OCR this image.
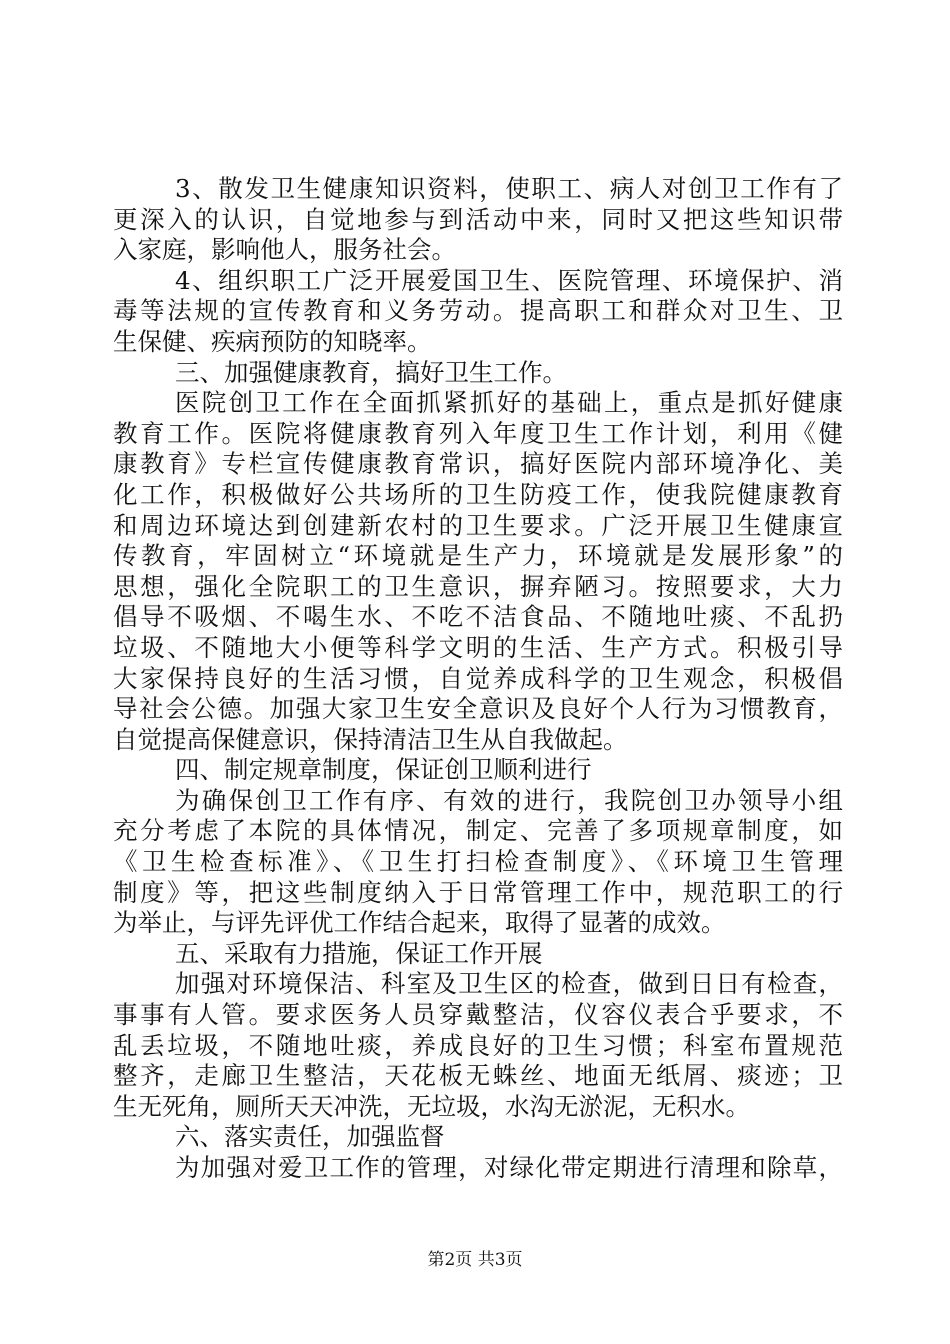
3、散发卫生健康知识资料，使职工、病人对创卫工作有了
更深入的认识，自觉地参与到活动中来，同时又把这些知识带
入家庭，影响他人，服务社会。
4、组织职工广泛开展爱国卫生、医院管理、环境保护、消
毒等法规的宣传教育和义务劳动。提高职工和群众对卫生、卫
生保健、疾病预防的知晓率。
三、加强健康教育，搞好卫生工作。
医院创卫工作在全面抓紧抓好的基础上，重点是抓好健康
教育工作。医院将健康教育列入年度卫生工作计划，利用《健
康教育》专栏宣传健康教育常识，搞好医院内部环境净化、美
化工作，积极做好公共场所的卫生防疫工作，使我院健康教育
和周边环境达到创建新农村的卫生要求。广泛开展卫生健康宣
传教育，牢固树立“环境就是生产力，环境就是发展形象”的
思想，强化全院职工的卫生意识，摒弃陋习。按照要求，大力
倡导不吸烟、不喝生水、不吃不洁食品、不随地吐痰、不乱扔
垃圾、不随地大小便等科学文明的生活、生产方式。积极引导
大家保持良好的生活习惯，自觉养成科学的卫生观念，积极倡
导社会公德。加强大家卫生安全意识及良好个人行为习惯教育，
自觉提高保健意识，保持清洁卫生从自我做起。
四、制定规章制度，保证创卫顺利进行
为确保创卫工作有序、有效的进行，我院创卫办领导小组
充分考虑了本院的具体情况，制定、完善了多项规章制度，如
《卫生检查标准》、《卫生打扫检查制度》、《环境卫生管理
制度》等，把这些制度纳入于日常管理工作中，规范职工的行
为举止，与评先评优工作结合起来，取得了显著的成效。
五、采取有力措施，保证工作开展
加强对环境保洁、科室及卫生区的检查，做到日日有检查，
事事有人管。要求医务人员穿戴整洁，仪容仪表合乎要求，不
乱丢垃圾，不随地吐痰，养成良好的卫生习惯；科室布置规范
整齐，走廊卫生整洁，天花板无蛛丝、地面无纸屑、痰迹；卫
生无死角，厕所天天冲洗，无垃圾，水沟无淤泥，无积水。
六、落实责任，加强监督
为加强对爱卫工作的管理，对绿化带定期进行清理和除草，
第2页 共3页
